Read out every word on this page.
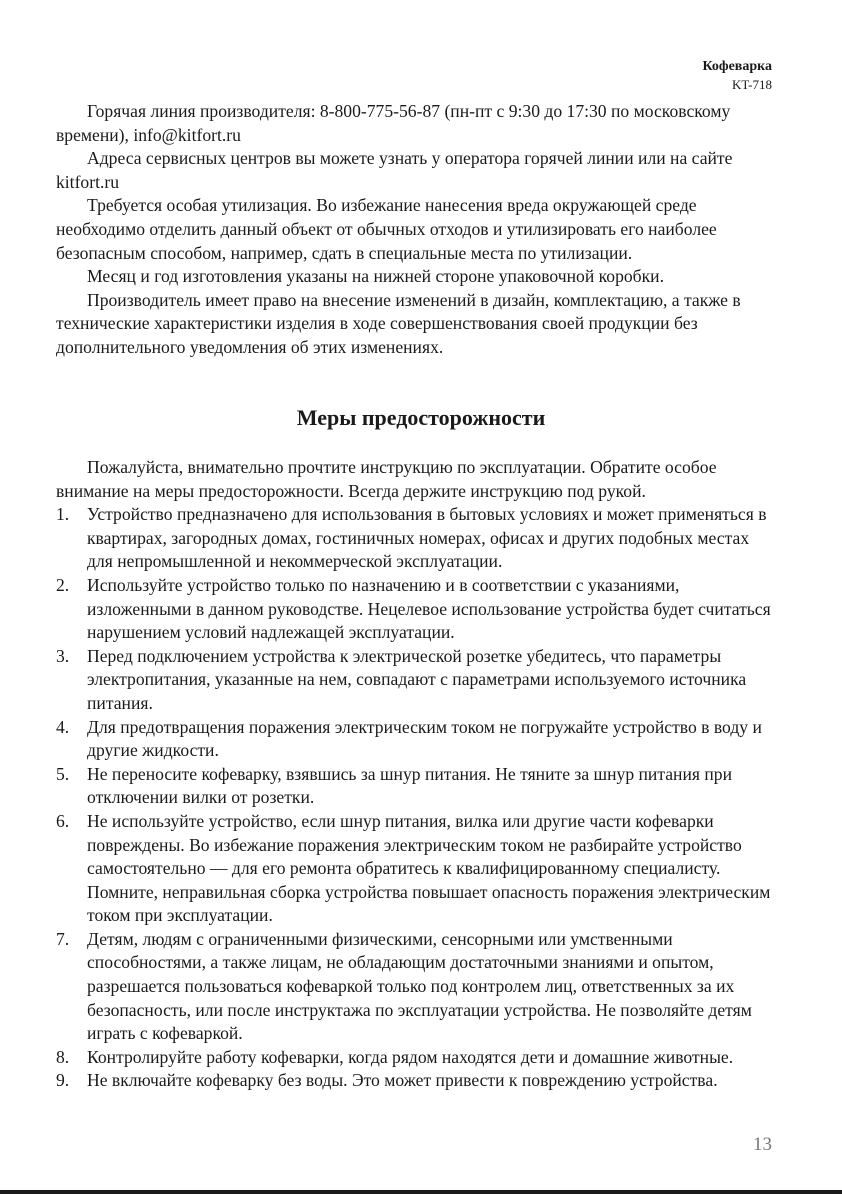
Кофеварка
KT-718

Горячая линия производителя: 8-800-775-56-87 (пн-пт с 9:30 до 17:30 по московскому времени), info@kitfort.ru

Адреса сервисных центров вы можете узнать у оператора горячей линии или на сайте kitfort.ru

Требуется особая утилизация. Во избежание нанесения вреда окружающей среде необходимо отделить данный объект от обычных отходов и утилизировать его наиболее безопасным способом, например, сдать в специальные места по утилизации.

Месяц и год изготовления указаны на нижней стороне упаковочной коробки.

Производитель имеет право на внесение изменений в дизайн, комплектацию, а также в технические характеристики изделия в ходе совершенствования своей продукции без дополнительного уведомления об этих изменениях.

Меры предосторожности

Пожалуйста, внимательно прочтите инструкцию по эксплуатации. Обратите особое внимание на меры предосторожности. Всегда держите инструкцию под рукой.

1. Устройство предназначено для использования в бытовых условиях и может применяться в квартирах, загородных домах, гостиничных номерах, офисах и других подобных местах для непромышленной и некоммерческой эксплуатации.
2. Используйте устройство только по назначению и в соответствии с указаниями, изложенными в данном руководстве. Нецелевое использование устройства будет считаться нарушением условий надлежащей эксплуатации.
3. Перед подключением устройства к электрической розетке убедитесь, что параметры электропитания, указанные на нем, совпадают с параметрами используемого источника питания.
4. Для предотвращения поражения электрическим током не погружайте устройство в воду и другие жидкости.
5. Не переносите кофеварку, взявшись за шнур питания. Не тяните за шнур питания при отключении вилки от розетки.
6. Не используйте устройство, если шнур питания, вилка или другие части кофеварки повреждены. Во избежание поражения электрическим током не разбирайте устройство самостоятельно — для его ремонта обратитесь к квалифицированному специалисту. Помните, неправильная сборка устройства повышает опасность поражения электрическим током при эксплуатации.
7. Детям, людям с ограниченными физическими, сенсорными или умственными способностями, а также лицам, не обладающим достаточными знаниями и опытом, разрешается пользоваться кофеваркой только под контролем лиц, ответственных за их безопасность, или после инструктажа по эксплуатации устройства. Не позволяйте детям играть с кофеваркой.
8. Контролируйте работу кофеварки, когда рядом находятся дети и домашние животные.
9. Не включайте кофеварку без воды. Это может привести к повреждению устройства.
13
